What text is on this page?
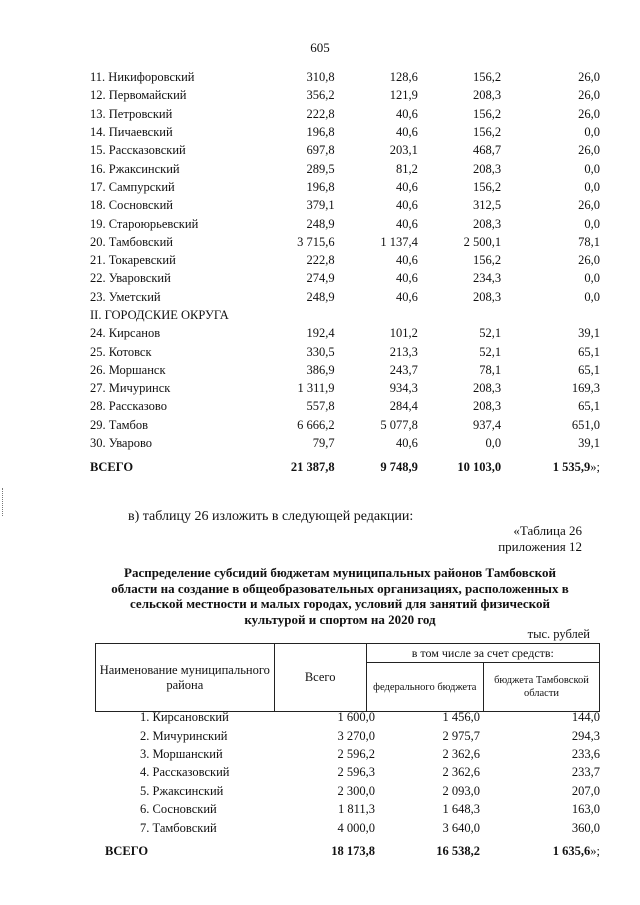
605
11. Никифоровский	310,8	128,6	156,2	26,0
12. Первомайский	356,2	121,9	208,3	26,0
13. Петровский	222,8	40,6	156,2	26,0
14. Пичаевский	196,8	40,6	156,2	0,0
15. Рассказовский	697,8	203,1	468,7	26,0
16. Ржаксинский	289,5	81,2	208,3	0,0
17. Сампурский	196,8	40,6	156,2	0,0
18. Сосновский	379,1	40,6	312,5	26,0
19. Староюрьевский	248,9	40,6	208,3	0,0
20. Тамбовский	3 715,6	1 137,4	2 500,1	78,1
21. Токаревский	222,8	40,6	156,2	26,0
22. Уваровский	274,9	40,6	234,3	0,0
23. Уметский	248,9	40,6	208,3	0,0
II. ГОРОДСКИЕ ОКРУГА				
24. Кирсанов	192,4	101,2	52,1	39,1
25. Котовск	330,5	213,3	52,1	65,1
26. Моршанск	386,9	243,7	78,1	65,1
27. Мичуринск	1 311,9	934,3	208,3	169,3
28. Рассказово	557,8	284,4	208,3	65,1
29. Тамбов	6 666,2	5 077,8	937,4	651,0
30. Уварово	79,7	40,6	0,0	39,1
ВСЕГО	21 387,8	9 748,9	10 103,0	1 535,9»;
в) таблицу 26 изложить в следующей редакции:
«Таблица 26
приложения 12
Распределение субсидий бюджетам муниципальных районов Тамбовской области на создание в общеобразовательных организациях, расположенных в сельской местности и малых городах, условий для занятий физической культурой и спортом на 2020 год
тыс. рублей
Наименование муниципального района	Всего	в том числе за счет средств:	
		федерального бюджета	бюджета Тамбовской области
1. Кирсановский	1 600,0	1 456,0	144,0
2. Мичуринский	3 270,0	2 975,7	294,3
3. Моршанский	2 596,2	2 362,6	233,6
4. Рассказовский	2 596,3	2 362,6	233,7
5. Ржаксинский	2 300,0	2 093,0	207,0
6. Сосновский	1 811,3	1 648,3	163,0
7. Тамбовский	4 000,0	3 640,0	360,0
ВСЕГО	18 173,8	16 538,2	1 635,6»;
